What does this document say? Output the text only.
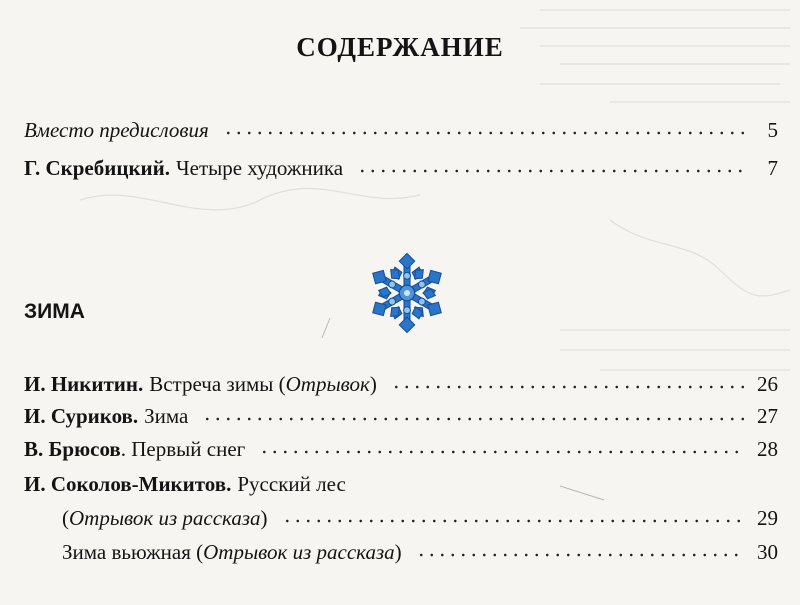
СОДЕРЖАНИЕ
Вместо предисловия	5
Г. Скребицкий. Четыре художника	7
ЗИМА
И. Никитин. Встреча зимы (Отрывок)	26
И. Суриков. Зима	27
В. Брюсов . Первый снег	28
И. Соколов-Микитов. Русский лес
(Отрывок из рассказа)	29
Зима вьюжная (Отрывок из рассказа)	30
